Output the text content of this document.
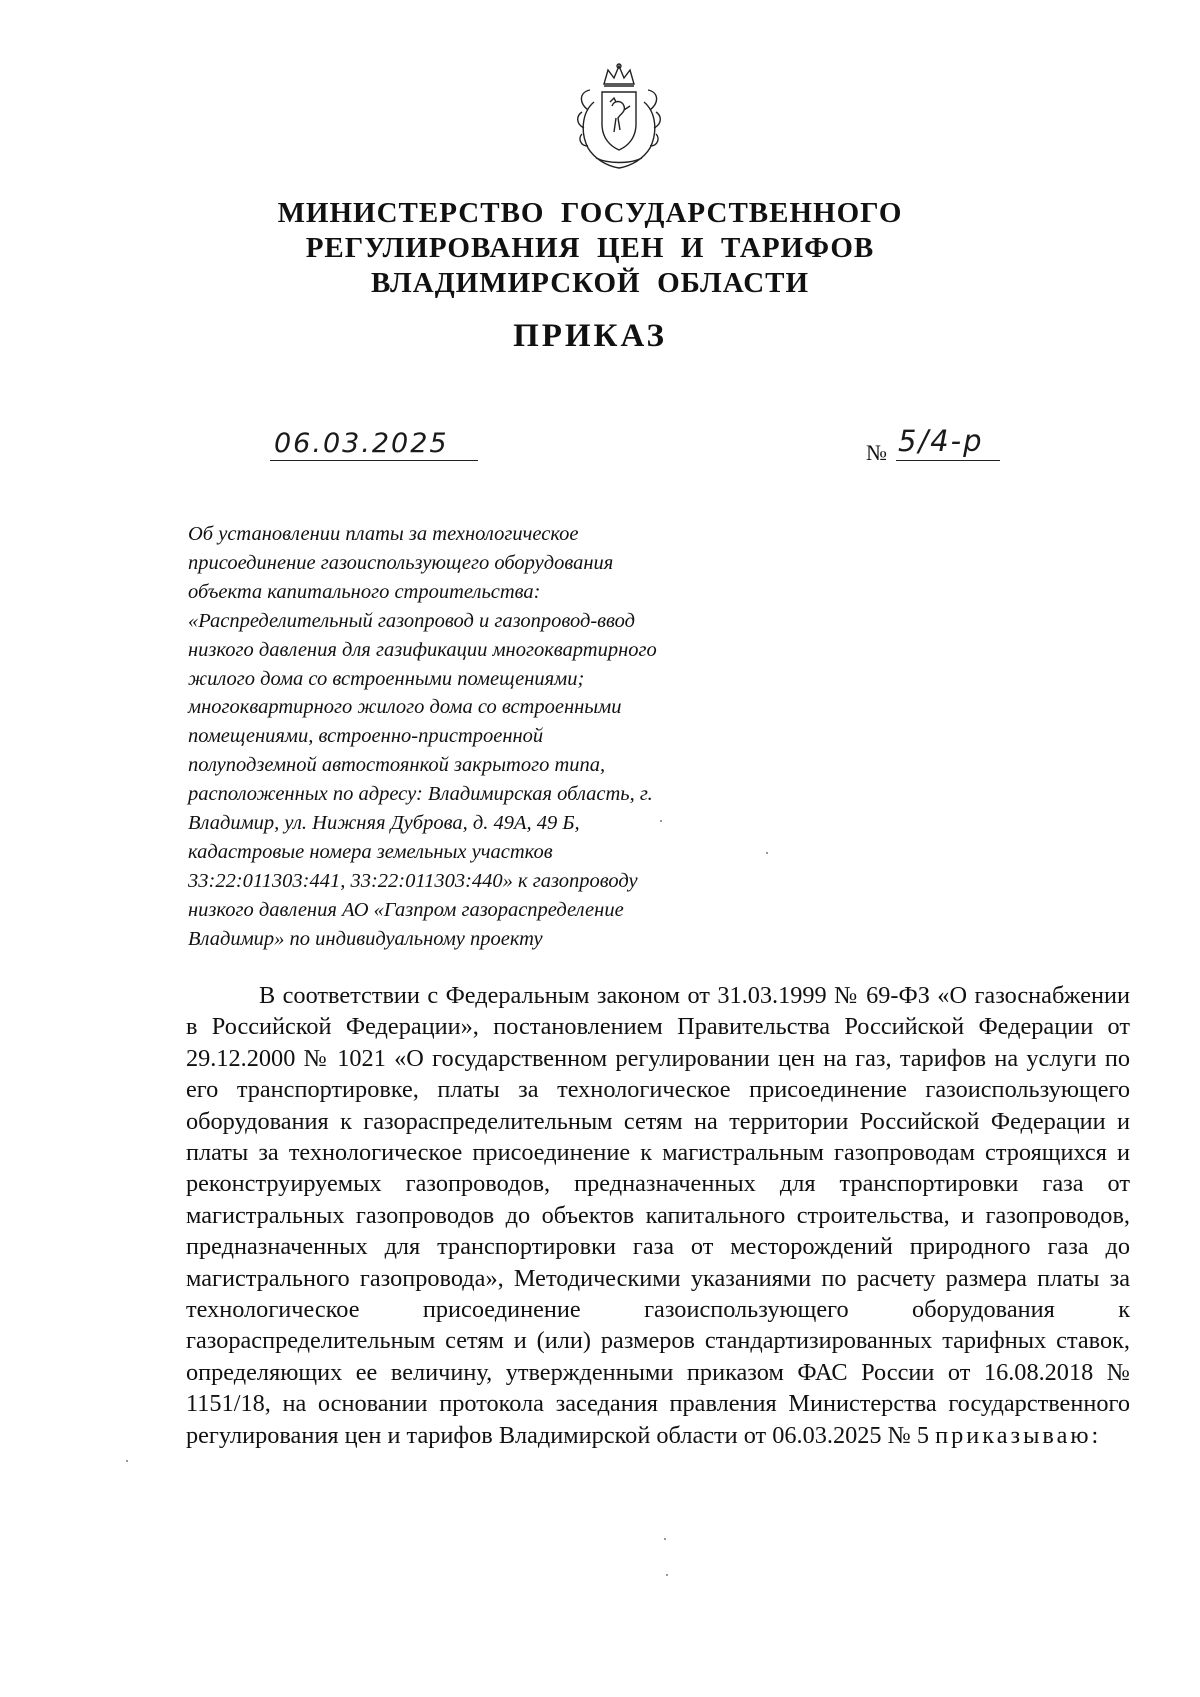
МИНИСТЕРСТВО  ГОСУДАРСТВЕННОГО
РЕГУЛИРОВАНИЯ  ЦЕН  И  ТАРИФОВ
ВЛАДИМИРСКОЙ  ОБЛАСТИ
ПРИКАЗ
06.03.2025	№ 5/4-р
Об установлении платы за технологическое присоединение газоиспользующего оборудования объекта капитального строительства: «Распределительный газопровод и газопровод-ввод низкого давления для газификации многоквартирного жилого дома со встроенными помещениями; многоквартирного жилого дома со встроенными помещениями, встроенно-пристроенной полуподземной автостоянкой закрытого типа, расположенных по адресу: Владимирская область, г. Владимир, ул. Нижняя Дуброва, д. 49А, 49 Б, кадастровые номера земельных участков 33:22:011303:441, 33:22:011303:440» к газопроводу низкого давления АО «Газпром газораспределение Владимир» по индивидуальному проекту
В соответствии с Федеральным законом от 31.03.1999 № 69-ФЗ «О газоснабжении в Российской Федерации», постановлением Правительства Российской Федерации от 29.12.2000 № 1021 «О государственном регулировании цен на газ, тарифов на услуги по его транспортировке, платы за технологическое присоединение газоиспользующего оборудования к газораспределительным сетям на территории Российской Федерации и платы за технологическое присоединение к магистральным газопроводам строящихся и реконструируемых газопроводов, предназначенных для транспортировки газа от магистральных газопроводов до объектов капитального строительства, и газопроводов, предназначенных для транспортировки газа от месторождений природного газа до магистрального газопровода», Методическими указаниями по расчету размера платы за технологическое присоединение газоиспользующего оборудования к газораспределительным сетям и (или) размеров стандартизированных тарифных ставок, определяющих ее величину, утвержденными приказом ФАС России от 16.08.2018 № 1151/18, на основании протокола заседания правления Министерства государственного регулирования цен и тарифов Владимирской области от 06.03.2025 № 5 приказываю:
